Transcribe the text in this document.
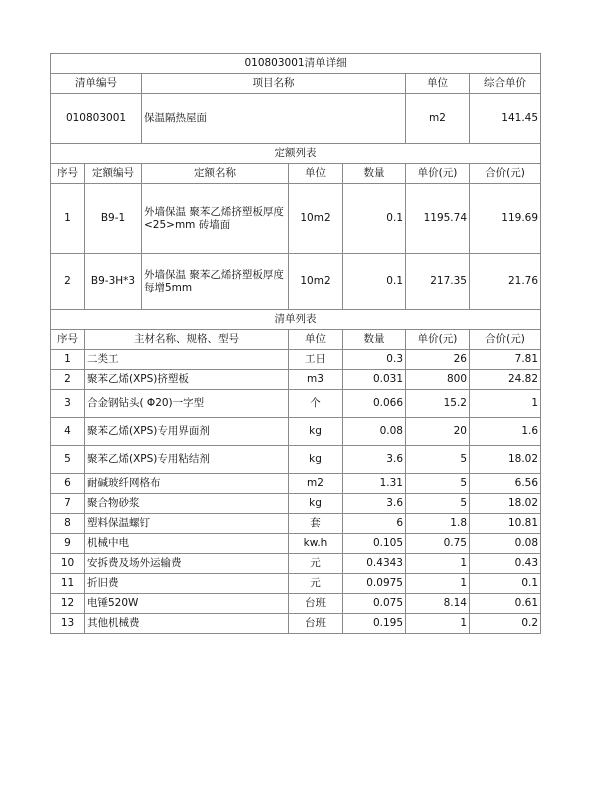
010803001清单详细						
清单编号		项目名称			单位	综合单价
010803001		保温隔热屋面			m2	141.45
定额列表						
序号	定额编号	定额名称	单位	数量	单价(元)	合价(元)
1	B9-1	外墙保温 聚苯乙烯挤塑板厚度<25>mm 砖墙面	10m2	0.1	1195.74	119.69
2	B9-3H*3	外墙保温 聚苯乙烯挤塑板厚度每增5mm	10m2	0.1	217.35	21.76
清单列表						
序号	主材名称、规格、型号		单位	数量	单价(元)	合价(元)
1	二类工		工日	0.3	26	7.81
2	聚苯乙烯(XPS)挤塑板		m3	0.031	800	24.82
3	合金钢钻头( Φ20)一字型		个	0.066	15.2	1
4	聚苯乙烯(XPS)专用界面剂		kg	0.08	20	1.6
5	聚苯乙烯(XPS)专用粘结剂		kg	3.6	5	18.02
6	耐碱玻纤网格布		m2	1.31	5	6.56
7	聚合物砂浆		kg	3.6	5	18.02
8	塑料保温螺钉		套	6	1.8	10.81
9	机械中电		kw.h	0.105	0.75	0.08
10	安拆费及场外运输费		元	0.4343	1	0.43
11	折旧费		元	0.0975	1	0.1
12	电锤520W		台班	0.075	8.14	0.61
13	其他机械费		台班	0.195	1	0.2
